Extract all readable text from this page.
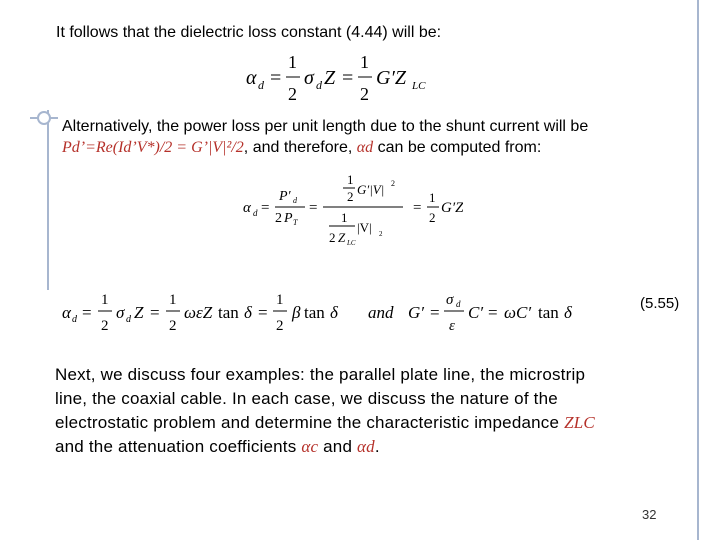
It follows that the dielectric loss constant (4.44) will be:
α d =
1
2
σ d Z =
1
2
G′Z LC
Alternatively, the power loss per unit length due to the shunt current will be
Pd’=Re(Id’V*)/2 = G’|V|²/2, and therefore, αd can be computed from:
α d =
P′ d
2 P T
=
1
2 G′|V| 2
1
2 Z LC
|V| 2
=
1
2
G′Z
α d =
1
2
σ d Z =
1
2
ωεZ tan δ =
1
2
β tan δ and G′ =
σ d
ε
C′ = ωC′ tan δ	(5.55)
Next, we discuss four examples: the parallel plate line, the microstrip
line, the coaxial cable. In each case, we discuss the nature of the
electrostatic problem and determine the characteristic impedance ZLC
and the attenuation coefficients αc and αd.
32
